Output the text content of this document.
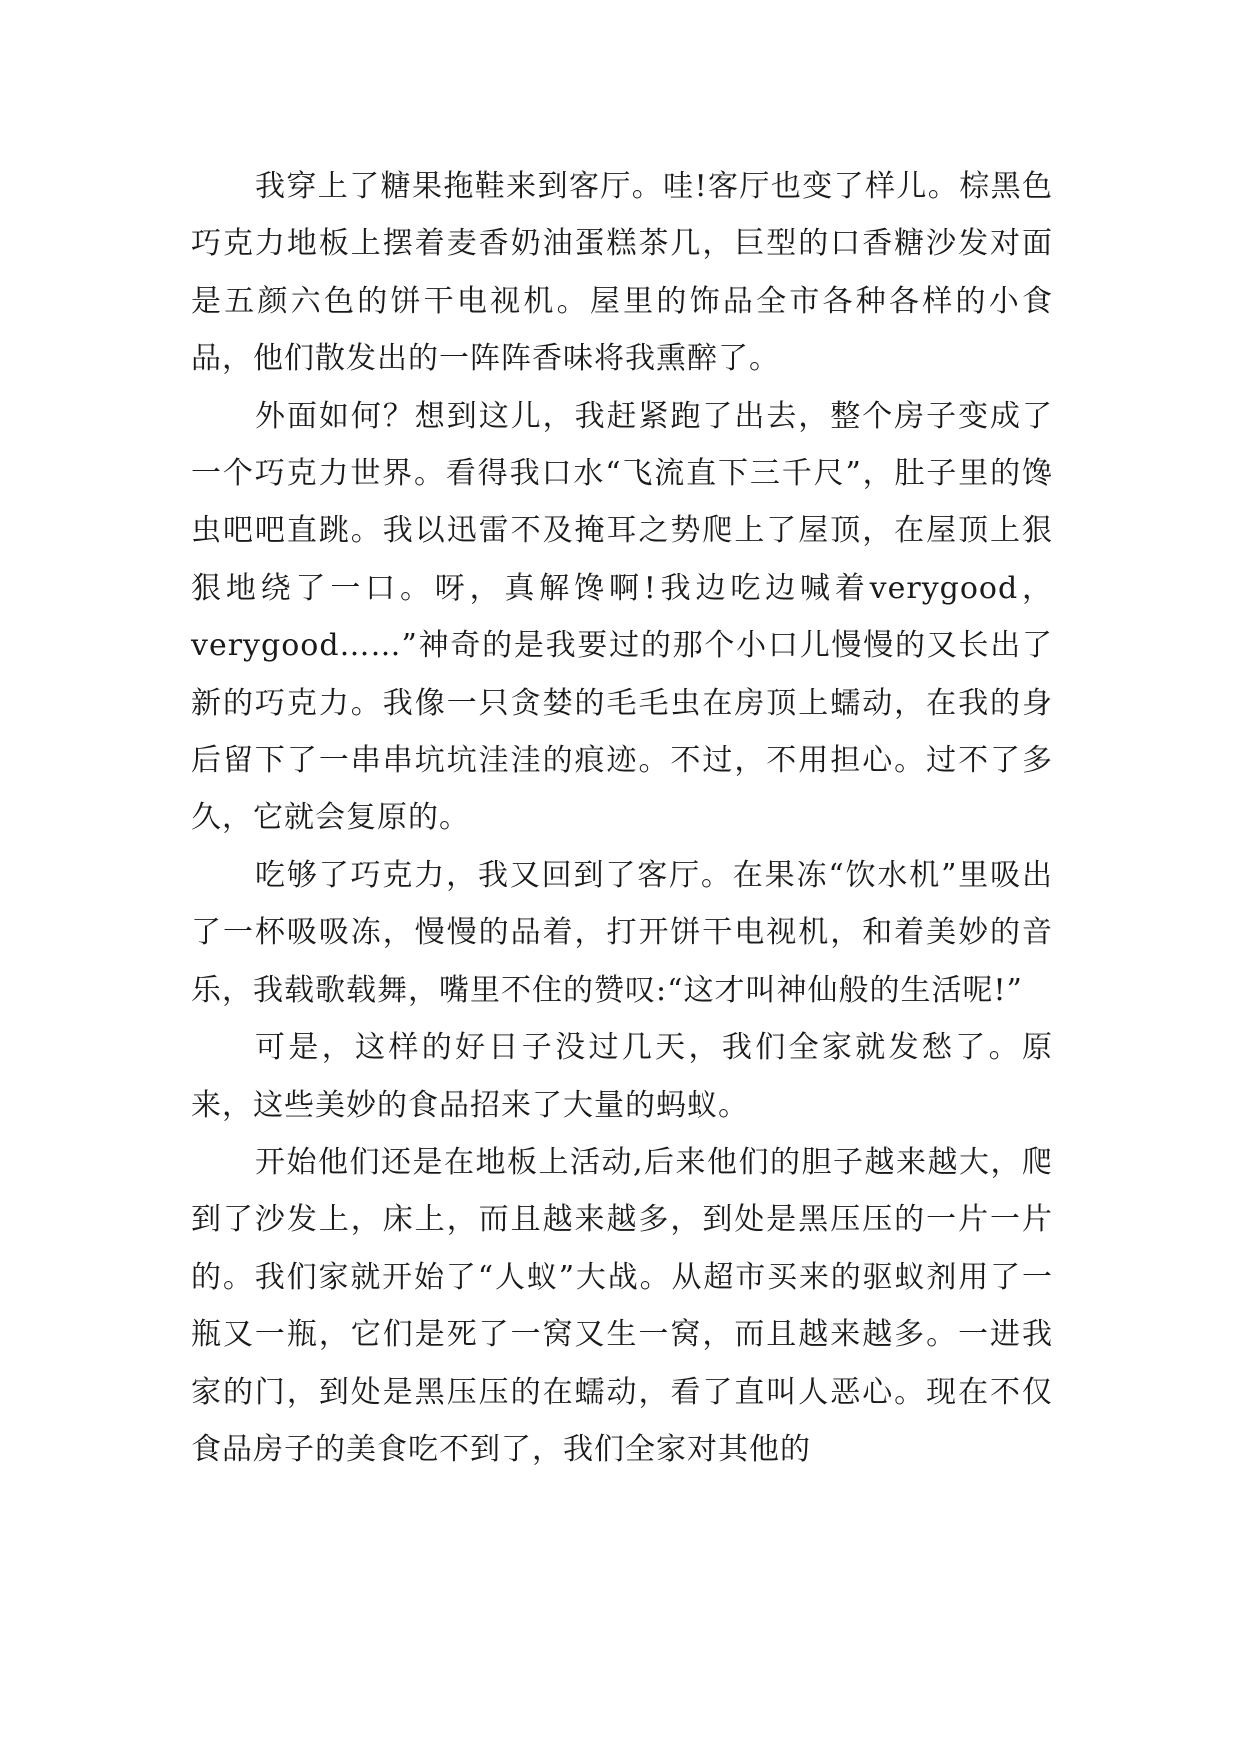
我穿上了糖果拖鞋来到客厅。哇!客厅也变了样儿。棕黑色巧克力地板上摆着麦香奶油蛋糕茶几，巨型的口香糖沙发对面是五颜六色的饼干电视机。屋里的饰品全市各种各样的小食品，他们散发出的一阵阵香味将我熏醉了。

外面如何？想到这儿，我赶紧跑了出去，整个房子变成了一个巧克力世界。看得我口水“飞流直下三千尺”，肚子里的馋虫吧吧直跳。我以迅雷不及掩耳之势爬上了屋顶，在屋顶上狠狠地绕了一口。呀，真解馋啊!我边吃边喊着verygood，verygood……”神奇的是我要过的那个小口儿慢慢的又长出了新的巧克力。我像一只贪婪的毛毛虫在房顶上蠕动，在我的身后留下了一串串坑坑洼洼的痕迹。不过，不用担心。过不了多久，它就会复原的。

吃够了巧克力，我又回到了客厅。在果冻“饮水机”里吸出了一杯吸吸冻，慢慢的品着，打开饼干电视机，和着美妙的音乐，我载歌载舞，嘴里不住的赞叹:“这才叫神仙般的生活呢!”

可是，这样的好日子没过几天，我们全家就发愁了。原来，这些美妙的食品招来了大量的蚂蚁。

开始他们还是在地板上活动,后来他们的胆子越来越大，爬到了沙发上，床上，而且越来越多，到处是黑压压的一片一片的。我们家就开始了“人蚁”大战。从超市买来的驱蚁剂用了一瓶又一瓶，它们是死了一窝又生一窝，而且越来越多。一进我家的门，到处是黑压压的在蠕动，看了直叫人恶心。现在不仅食品房子的美食吃不到了，我们全家对其他的
